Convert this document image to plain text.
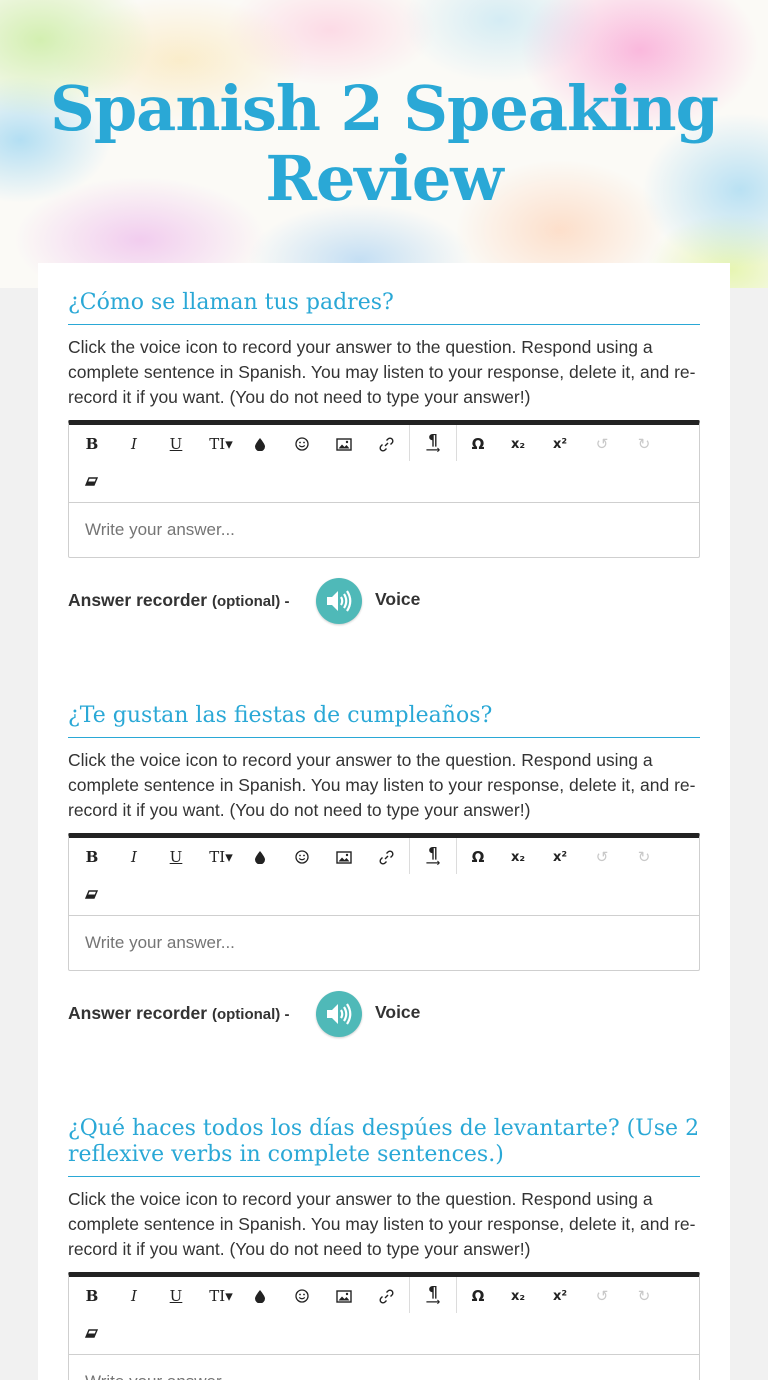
Spanish 2 Speaking Review
¿Cómo se llaman tus padres?
Click the voice icon to record your answer to the question. Respond using a complete sentence in Spanish. You may listen to your response, delete it, and re-record it if you want. (You do not need to type your answer!)
B	I	U	TI▾	¶
⟶	Ω	x₂	x²	↺	↻
Write your answer...
Answer recorder (optional) -	Voice
¿Te gustan las fiestas de cumpleaños?
Click the voice icon to record your answer to the question. Respond using a complete sentence in Spanish. You may listen to your response, delete it, and re-record it if you want. (You do not need to type your answer!)
B	I	U	TI▾	¶
⟶	Ω	x₂	x²	↺	↻
Write your answer...
Answer recorder (optional) -	Voice
¿Qué haces todos los días despúes de levantarte? (Use 2 reflexive verbs in complete sentences.)
Click the voice icon to record your answer to the question. Respond using a complete sentence in Spanish. You may listen to your response, delete it, and re-record it if you want. (You do not need to type your answer!)
B	I	U	TI▾	¶
⟶	Ω	x₂	x²	↺	↻
Write your answer...
